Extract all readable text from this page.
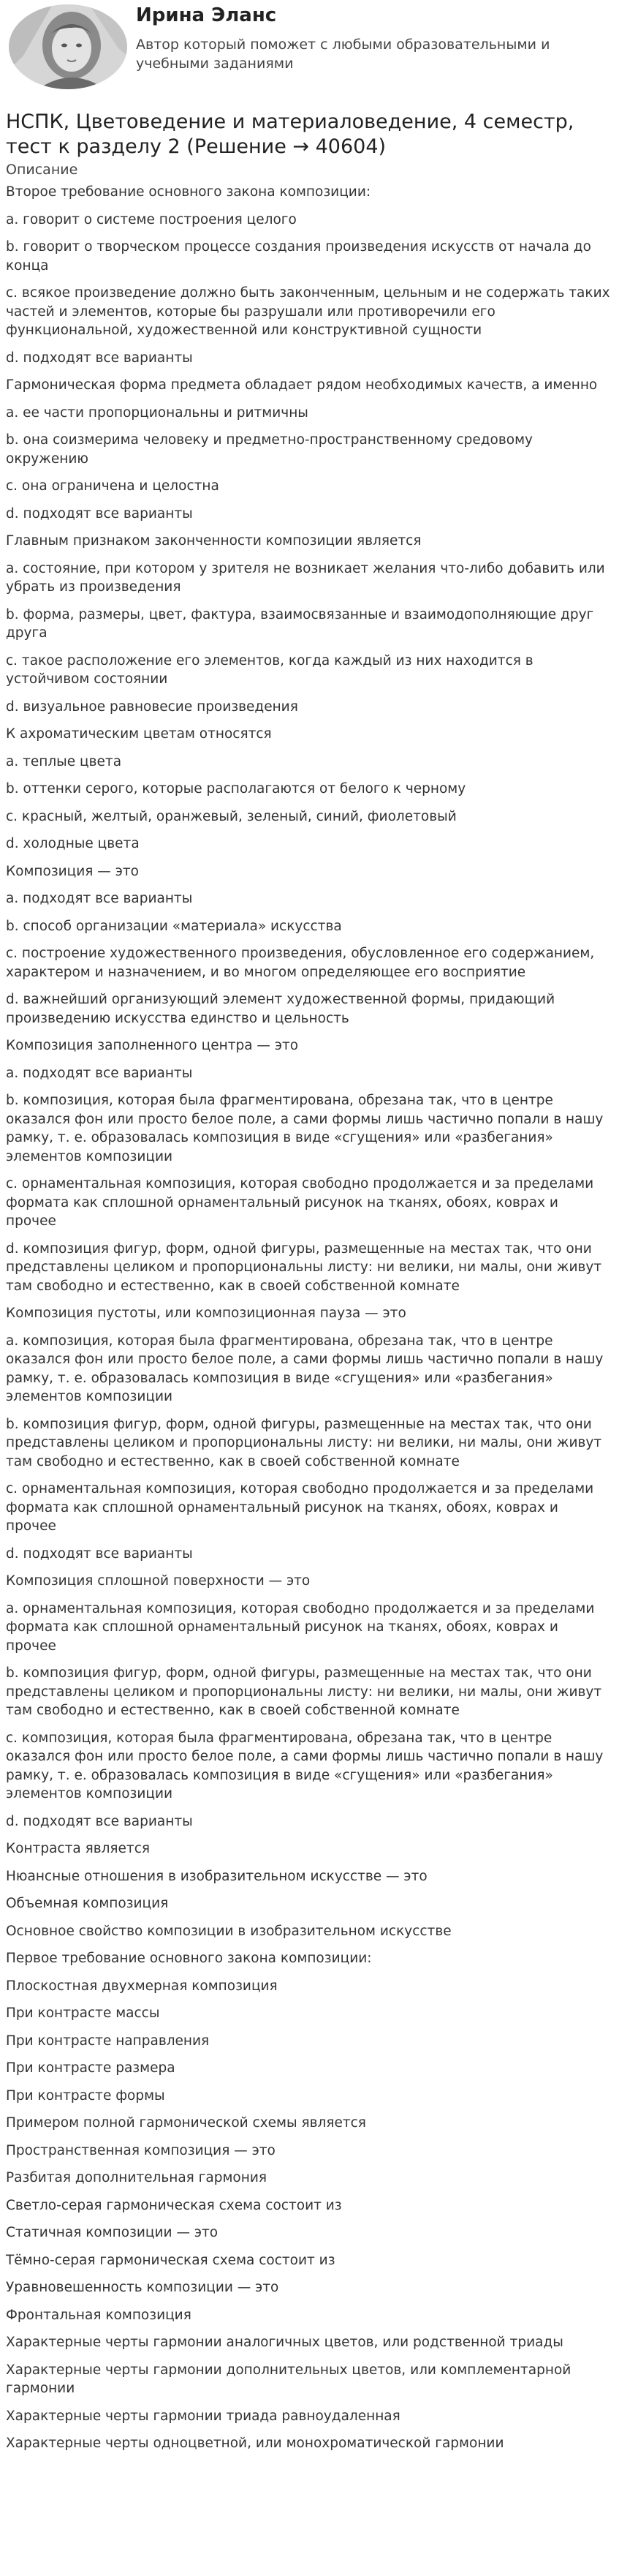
Ирина Эланс
Автор который поможет с любыми образовательными и учебными заданиями
НСПК, Цветоведение и материаловедение, 4 семестр, тест к разделу 2 (Решение → 40604)
Описание

Второе требование основного закона композиции:

a. говорит о системе построения целого

b. говорит о творческом процессе создания произведения искусств от начала до конца

c. всякое произведение должно быть законченным, цельным и не содержать таких частей и элементов, которые бы разрушали или противоречили его функциональной, художественной или конструктивной сущности

d. подходят все варианты

Гармоническая форма предмета обладает рядом необходимых качеств, а именно

a. ее части пропорциональны и ритмичны

b. она соизмерима человеку и предметно-пространственному средовому окружению

c. она ограничена и целостна

d. подходят все варианты

Главным признаком законченности композиции является

a. состояние, при котором у зрителя не возникает желания что-либо добавить или убрать из произведения

b. форма, размеры, цвет, фактура, взаимосвязанные и взаимодополняющие друг друга

c. такое расположение его элементов, когда каждый из них находится в устойчивом состоянии

d. визуальное равновесие произведения

К ахроматическим цветам относятся

a. теплые цвета

b. оттенки серого, которые располагаются от белого к черному

c. красный, желтый, оранжевый, зеленый, синий, фиолетовый

d. холодные цвета

Композиция — это

a. подходят все варианты

b. способ организации «материала» искусства

c. построение художественного произведения, обусловленное его содержанием, характером и назначением, и во многом определяющее его восприятие

d. важнейший организующий элемент художественной формы, придающий произведению искусства единство и цельность

Композиция заполненного центра — это

a. подходят все варианты

b. композиция, которая была фрагментирована, обрезана так, что в центре оказался фон или просто белое поле, а сами формы лишь частично попали в нашу рамку, т. е. образовалась композиция в виде «сгущения» или «разбегания» элементов композиции

c. орнаментальная композиция, которая свободно продолжается и за пределами формата как сплошной орнаментальный рисунок на тканях, обоях, коврах и прочее

d. композиция фигур, форм, одной фигуры, размещенные на местах так, что они представлены целиком и пропорциональны листу: ни велики, ни малы, они живут там свободно и естественно, как в своей собственной комнате

Композиция пустоты, или композиционная пауза — это

a. композиция, которая была фрагментирована, обрезана так, что в центре оказался фон или просто белое поле, а сами формы лишь частично попали в нашу рамку, т. е. образовалась композиция в виде «сгущения» или «разбегания» элементов композиции

b. композиция фигур, форм, одной фигуры, размещенные на местах так, что они представлены целиком и пропорциональны листу: ни велики, ни малы, они живут там свободно и естественно, как в своей собственной комнате

c. орнаментальная композиция, которая свободно продолжается и за пределами формата как сплошной орнаментальный рисунок на тканях, обоях, коврах и прочее

d. подходят все варианты

Композиция сплошной поверхности — это

a. орнаментальная композиция, которая свободно продолжается и за пределами формата как сплошной орнаментальный рисунок на тканях, обоях, коврах и прочее

b. композиция фигур, форм, одной фигуры, размещенные на местах так, что они представлены целиком и пропорциональны листу: ни велики, ни малы, они живут там свободно и естественно, как в своей собственной комнате

c. композиция, которая была фрагментирована, обрезана так, что в центре оказался фон или просто белое поле, а сами формы лишь частично попали в нашу рамку, т. е. образовалась композиция в виде «сгущения» или «разбегания» элементов композиции

d. подходят все варианты

Контраста является

Нюансные отношения в изобразительном искусстве — это

Объемная композиция

Основное свойство композиции в изобразительном искусстве

Первое требование основного закона композиции:

Плоскостная двухмерная композиция

При контрасте массы

При контрасте направления

При контрасте размера

При контрасте формы

Примером полной гармонической схемы является

Пространственная композиция — это

Разбитая дополнительная гармония

Светло-серая гармоническая схема состоит из

Статичная композиции — это

Тёмно-серая гармоническая схема состоит из

Уравновешенность композиции — это

Фронтальная композиция

Характерные черты гармонии аналогичных цветов, или родственной триады

Характерные черты гармонии дополнительных цветов, или комплементарной гармонии

Характерные черты гармонии триада равноудаленная

Характерные черты одноцветной, или монохроматической гармонии
